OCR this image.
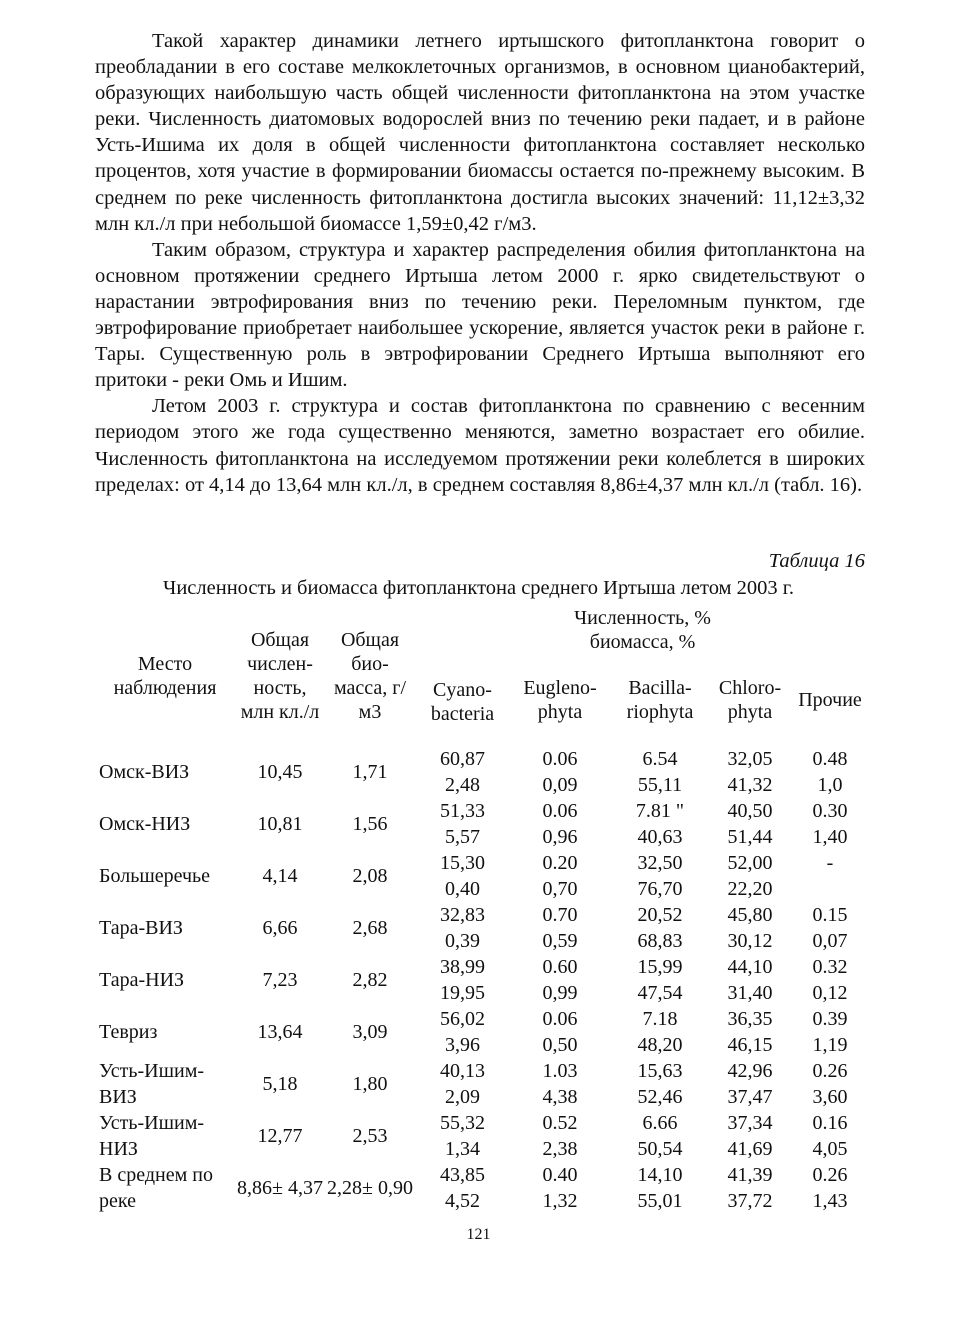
Такой характер динамики летнего иртышского фитопланктона говорит о преобладании в его составе мелкоклеточных организмов, в основном цианобактерий, образующих наибольшую часть общей численности фитопланктона на этом участке реки. Численность диатомовых водорослей вниз по течению реки падает, и в районе Усть-Ишима их доля в общей численности фитопланктона составляет несколько процентов, хотя участие в формировании биомассы остается по-прежнему высоким. В среднем по реке численность фитопланктона достигла высоких значений: 11,12±3,32 млн кл./л при небольшой биомассе 1,59±0,42 г/м3.

Таким образом, структура и характер распределения обилия фитопланктона на основном протяжении среднего Иртыша летом 2000 г. ярко свидетельствуют о нарастании эвтрофирования вниз по течению реки. Переломным пунктом, где эвтрофирование приобретает наибольшее ускорение, является участок реки в районе г. Тары. Существенную роль в эвтрофировании Среднего Иртыша выполняют его притоки - реки Омь и Ишим.

Летом 2003 г. структура и состав фитопланктона по сравнению с весенним периодом этого же года существенно меняются, заметно возрастает его обилие. Численность фитопланктона на исследуемом протяжении реки колеблется в широких пределах: от 4,14 до 13,64 млн кл./л, в среднем составляя 8,86±4,37 млн кл./л (табл. 16).

Таблица 16
Численность и биомасса фитопланктона среднего Иртыша летом 2003 г.
Место наблюдения	Общая числен-ность, млн кл./л	Общая био-масса, г/м3	Численность, %
биомасса, %				

			Cyano-bacteria	Eugleno-phyta	Bacilla-riophyta	Chloro-phyta	Прочие
Омск-ВИЗ	10,45	1,71	60,87	0.06	6.54	32,05	0.48
			2,48	0,09	55,11	41,32	1,0
Омск-НИЗ	10,81	1,56	51,33	0.06	7.81 "	40,50	0.30
			5,57	0,96	40,63	51,44	1,40
Большеречье	4,14	2,08	15,30	0.20	32,50	52,00	-
			0,40	0,70	76,70	22,20	
Тара-ВИЗ	6,66	2,68	32,83	0.70	20,52	45,80	0.15
			0,39	0,59	68,83	30,12	0,07
Тара-НИЗ	7,23	2,82	38,99	0.60	15,99	44,10	0.32
			19,95	0,99	47,54	31,40	0,12
Тевриз	13,64	3,09	56,02	0.06	7.18	36,35	0.39
			3,96	0,50	48,20	46,15	1,19
Усть-Ишим-ВИЗ	5,18	1,80	40,13	1.03	15,63	42,96	0.26
			2,09	4,38	52,46	37,47	3,60
Усть-Ишим-НИЗ	12,77	2,53	55,32	0.52	6.66	37,34	0.16
			1,34	2,38	50,54	41,69	4,05
В среднем по реке	8,86± 4,37	2,28± 0,90	43,85	0.40	14,10	41,39	0.26
			4,52	1,32	55,01	37,72	1,43
121
